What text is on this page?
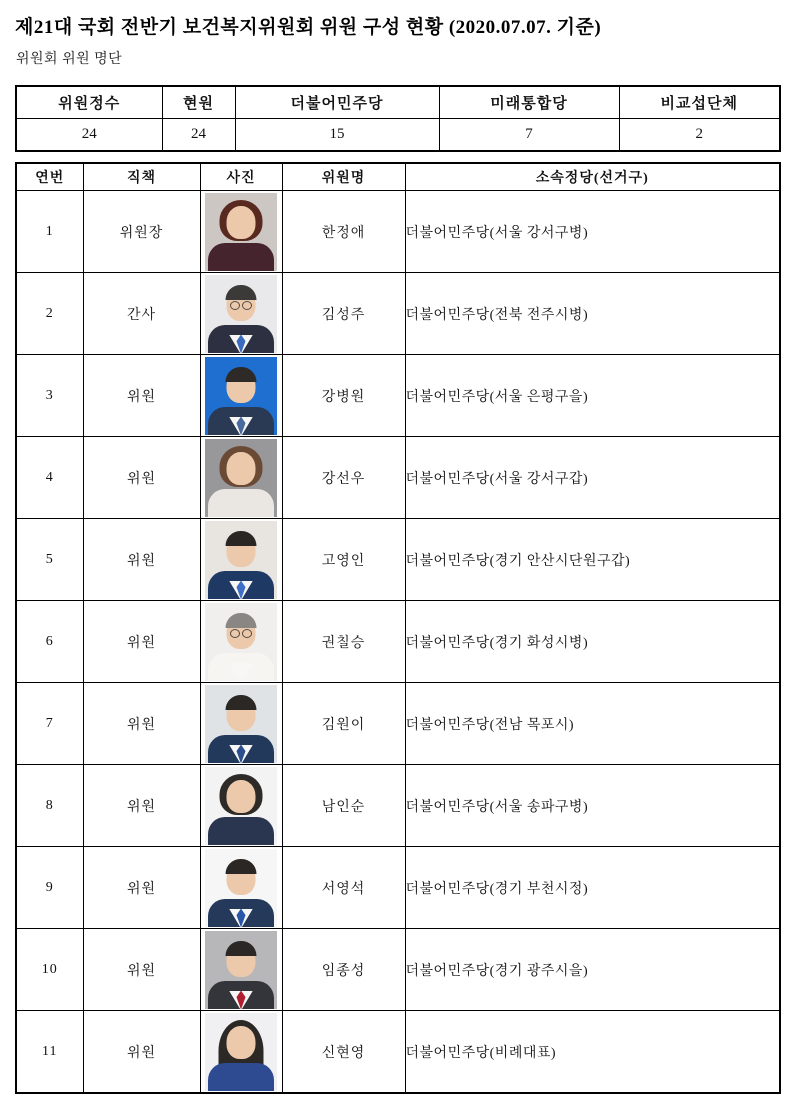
제21대 국회 전반기 보건복지위원회 위원 구성 현황 (2020.07.07. 기준)
위원회 위원 명단
위원정수	현원	더불어민주당	미래통합당	비교섭단체
24	24	15	7	2
연번	직책	사진	위원명	소속정당(선거구)
1	위원장		한정애	더불어민주당(서울 강서구병)
2	간사		김성주	더불어민주당(전북 전주시병)
3	위원		강병원	더불어민주당(서울 은평구을)
4	위원		강선우	더불어민주당(서울 강서구갑)
5	위원		고영인	더불어민주당(경기 안산시단원구갑)
6	위원		권칠승	더불어민주당(경기 화성시병)
7	위원		김원이	더불어민주당(전남 목포시)
8	위원		남인순	더불어민주당(서울 송파구병)
9	위원		서영석	더불어민주당(경기 부천시정)
10	위원		임종성	더불어민주당(경기 광주시을)
11	위원		신현영	더불어민주당(비례대표)
